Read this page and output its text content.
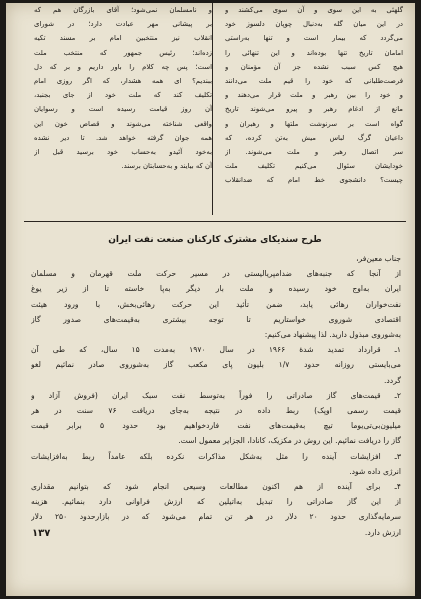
گلهئی به این سوی و آن سوی می‌کشند و
در این میان گله به‌دنبال چوپان دلسوز خود
می‌گردد که بیمار است و تنها به‌راستی
امامان تاریخ تنها بوده‌اند و این تنهائی را
هیچ کس سبب نشده جز آن مؤمنان و
فرصت‌طلبانی که خود را قیم ملت می‌دانند
و خود را بین رهبر و ملت قرار می‌دهند و
مانع از ادغام رهبر و پیرو می‌شوند تاریخ
گواه است بر سرنوشت ملتها و رهبران و
داعیان گرگ لباس میش به‌تن کرده، که
سر اتصال رهبر و ملت می‌شوند. از
خودایشان سئوال می‌کنیم تکلیف ملت
چیست؟ دانشجوی خط امام که ضدانقلاب
و نامسلمان نمی‌شود؛ آقای بازرگان هم که
بر پیشانی مهر عبادت دارد؛ در شورای
انقلاب نیز منتخبین امام بر مسند تکیه
زده‌اند؛ رئیس جمهور که منتخب ملت
است؛ پس چه کلام را باور داریم و بر که دل
ببندیم؟ ای همه هشدار، که اگر روزی امام
تکلیف کند که ملت خود از جای بجنبد،
آن روز قیامت رسیده است و رسوایان
واقعی شناخته می‌شوند و قصاص خون این
همه جوان گرفته خواهد شد. تا دیر نشده
به‌خود آئیدو به‌حساب خود برسید قبل از
آن که بیایند و به‌حسابتان برسند.
طرح سندیکای مشترک کارکنان صنعت نفت ایران
جناب معین‌فر،
از آنجا که جنبه‌های ضدامپریالیستی در مسیر حرکت ملت قهرمان و مسلمان
ایران به‌اوج خود رسیده و ملت بار دیگر به‌پا خاسته تا از زیر یوغ
نفت‌خواران رهائی یابد، ضمن تأئید این حرکت رهائی‌بخش، با ورود هیئت
اقتصادی شوروی خواستاریم تا توجه بیشتری به‌قیمت‌های صدور گاز
به‌شوروی مبذول دارید. لذا پیشنهاد می‌کنیم:
۱ـ قرارداد تمدید شدهٔ ۱۹۶۶ در سال ۱۹۷۰ به‌مدت ۱۵ سال، که طی آن
می‌بایستی روزانه حدود ۱/۷ بلیون پای مکعب گاز به‌شوروی صادر نمائیم لغو
گردد.
۲ـ قیمت‌های گاز صادراتی را فوراً به‌توسط نفت سبک ایران (فروش آزاد و
قیمت رسمی اوپک) ربط داده در نتیجه به‌جای دریافت ۷۶ سنت در هر
میلیون‌بی‌تی‌یو‌ما تیچ به‌قیمت‌های نفت فاردخواهیم بود حدود ۵ برابر قیمت
گاز را دریافت نمائیم. این روش در مکزیک، کانادا، الجزایر معمول است.
۳ـ افزایشات آینده را مثل به‌شکل مذاکرات نکرده بلکه عامداً ربط به‌افزایشات
انرژی داده شود.
۴ـ برای آینده از هم اکنون مطالعات وسیعی انجام شود که بتوانیم مقداری
از این گاز صادراتی را تبدیل به‌اتیلین که ارزش فراوانی دارد بنمائیم. هزینه
سرمایه‌گذاری حدود ۲۰ دلار در هر تن تمام می‌شود که در بازارحدود ۲۵۰ دلار
ارزش دارد.
۱۳۷
